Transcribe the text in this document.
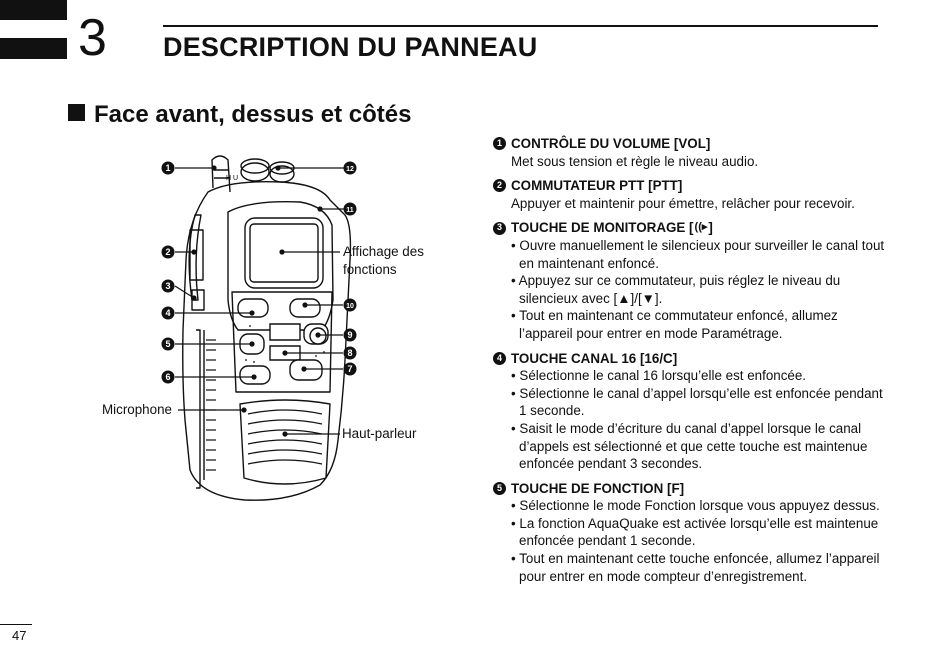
3 DESCRIPTION DU PANNEAU
Face avant, dessus et côtés
H U
1
2
3
4
5
6
7
8
9
10
11
12
Affichage des fonctions
Microphone
Haut-parleur
1 CONTRÔLE DU VOLUME [VOL]
Met sous tension et règle le niveau audio.
2 COMMUTATEUR PTT [PTT]
Appuyer et maintenir pour émettre, relâcher pour recevoir.
3 TOUCHE DE MONITORAGE [ ((▸ ]
• Ouvre manuellement le silencieux pour surveiller le canal tout en maintenant enfoncé.
• Appuyez sur ce commutateur, puis réglez le niveau du silencieux avec [▲]/[▼].
• Tout en maintenant ce commutateur enfoncé, allumez l’appareil pour entrer en mode Paramétrage.
4 TOUCHE CANAL 16 [16/C]
• Sélectionne le canal 16 lorsqu’elle est enfoncée.
• Sélectionne le canal d’appel lorsqu’elle est enfoncée pendant 1 seconde.
• Saisit le mode d’écriture du canal d’appel lorsque le canal d’appels est sélectionné et que cette touche est maintenue enfoncée pendant 3 secondes.
5 TOUCHE DE FONCTION [F]
• Sélectionne le mode Fonction lorsque vous appuyez dessus.
• La fonction AquaQuake est activée lorsqu’elle est maintenue enfoncée pendant 1 seconde.
• Tout en maintenant cette touche enfoncée, allumez l’appareil pour entrer en mode compteur d’enregistrement.
47
